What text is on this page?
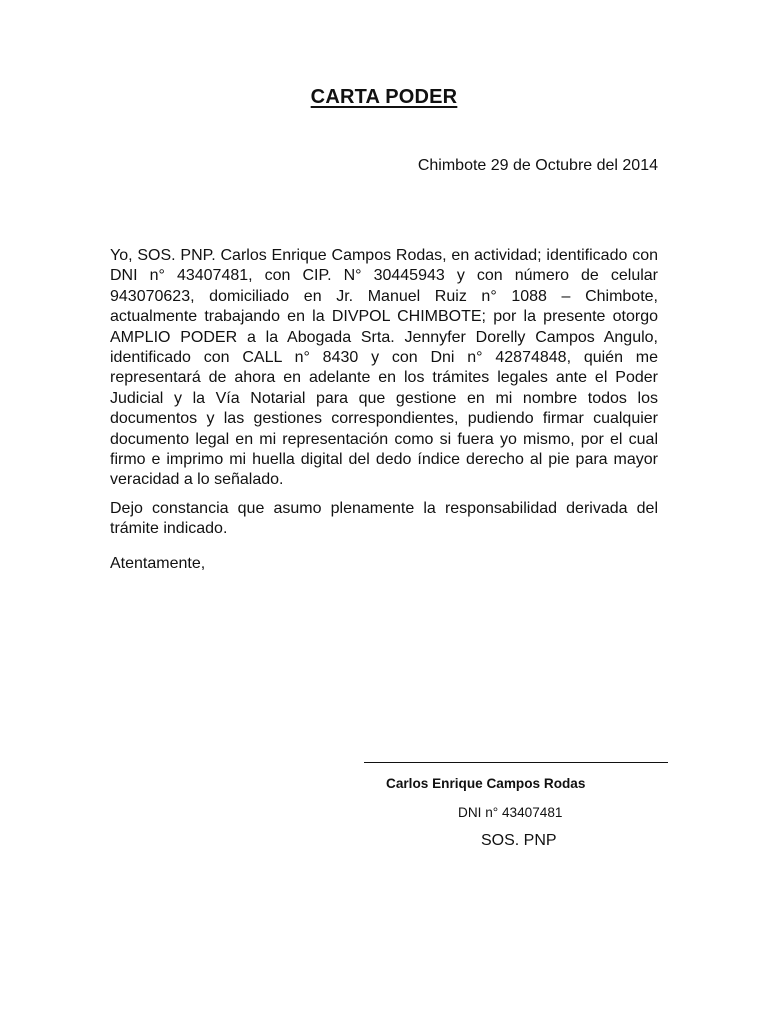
CARTA PODER
Chimbote 29 de Octubre del 2014

Yo, SOS. PNP. Carlos Enrique Campos Rodas, en actividad; identificado con DNI n° 43407481, con CIP. N° 30445943 y con número de celular 943070623, domiciliado en Jr. Manuel Ruiz n° 1088 – Chimbote, actualmente trabajando en la DIVPOL CHIMBOTE; por la presente otorgo AMPLIO PODER a la Abogada Srta. Jennyfer Dorelly Campos Angulo, identificado con CALL n° 8430 y con Dni n° 42874848, quién me representará de ahora en adelante en los trámites legales ante el Poder Judicial y la Vía Notarial para que gestione en mi nombre todos los documentos y las gestiones correspondientes, pudiendo firmar cualquier documento legal en mi representación como si fuera yo mismo, por el cual firmo e imprimo mi huella digital del dedo índice derecho al pie para mayor veracidad a lo señalado.

Dejo constancia que asumo plenamente la responsabilidad derivada del trámite indicado.

Atentamente,

Carlos Enrique Campos Rodas
DNI n° 43407481
SOS. PNP
